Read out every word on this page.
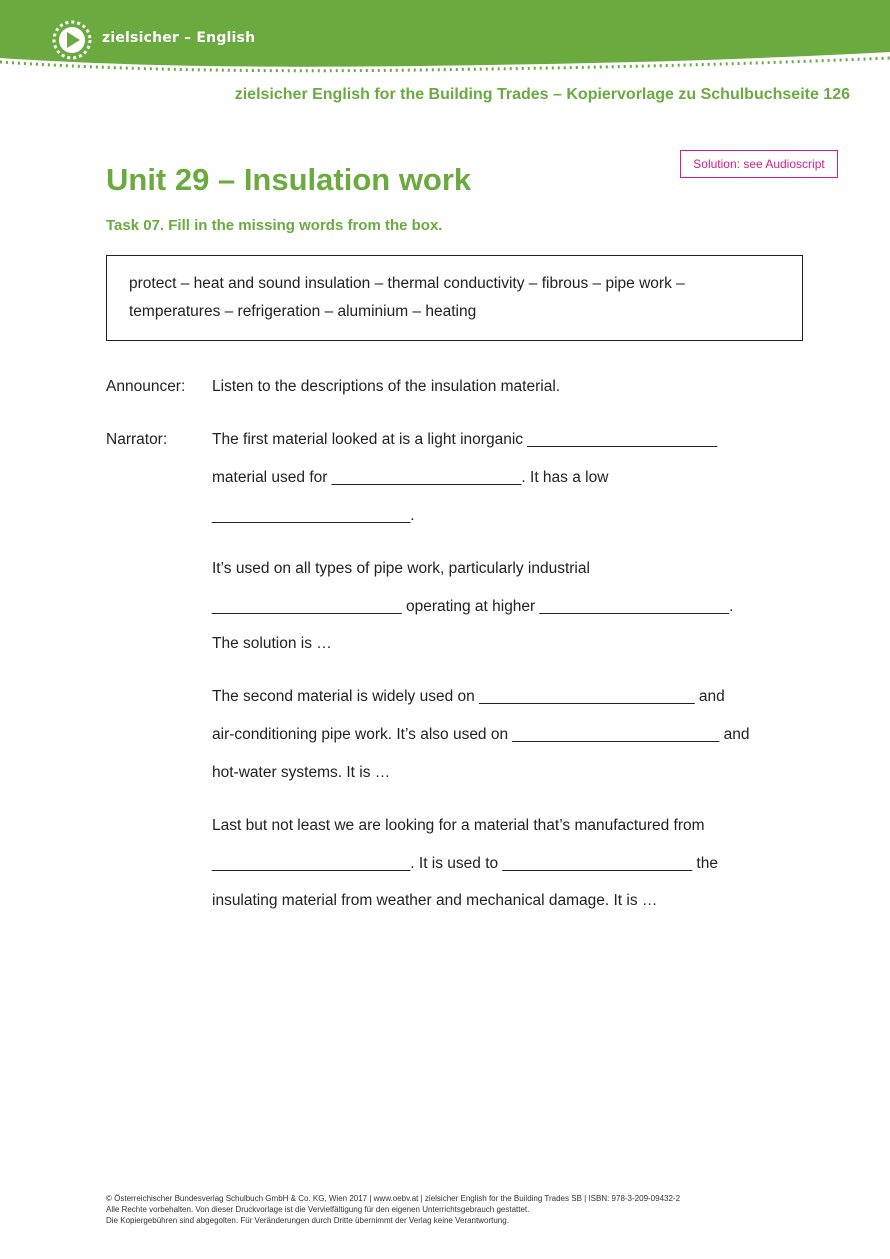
zielsicher – English
zielsicher English for the Building Trades – Kopiervorlage zu Schulbuchseite 126
Solution: see Audioscript
Unit 29 – Insulation work
Task 07. Fill in the missing words from the box.
protect – heat and sound insulation – thermal conductivity – fibrous – pipe work –
temperatures – refrigeration – aluminium – heating
Announcer: Listen to the descriptions of the insulation material.
Narrator:	The first material looked at is a light inorganic ______________________
material used for ______________________. It has a low
_______________________.
It’s used on all types of pipe work, particularly industrial
______________________ operating at higher ______________________.
The solution is …
The second material is widely used on _________________________ and
air-conditioning pipe work. It’s also used on ________________________ and
hot-water systems. It is …
Last but not least we are looking for a material that’s manufactured from
_______________________. It is used to ______________________ the
insulating material from weather and mechanical damage. It is …
© Österreichischer Bundesverlag Schulbuch GmbH & Co. KG, Wien 2017 | www.oebv.at | zielsicher English for the Building Trades SB | ISBN: 978-3-209-09432-2
Alle Rechte vorbehalten. Von dieser Druckvorlage ist die Vervielfältigung für den eigenen Unterrichtsgebrauch gestattet.
Die Kopiergebühren sind abgegolten. Für Veränderungen durch Dritte übernimmt der Verlag keine Verantwortung.
